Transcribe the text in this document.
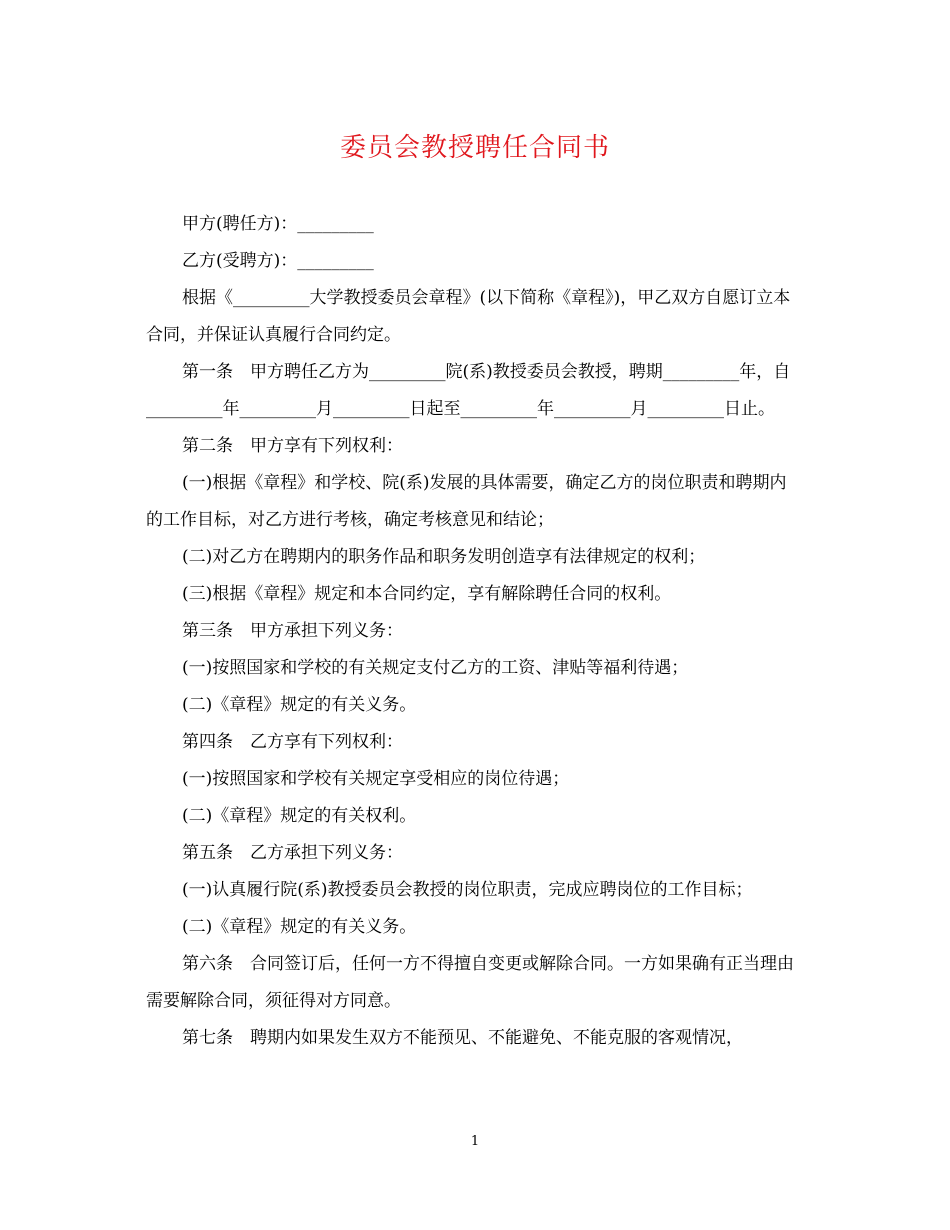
委员会教授聘任合同书

甲方(聘任方)：_________

乙方(受聘方)：_________

根据《_________大学教授委员会章程》(以下简称《章程》)，甲乙双方自愿订立本合同，并保证认真履行合同约定。

第一条　甲方聘任乙方为_________院(系)教授委员会教授，聘期_________年，自_________年_________月_________日起至_________年_________月_________日止。

第二条　甲方享有下列权利：

(一)根据《章程》和学校、院(系)发展的具体需要，确定乙方的岗位职责和聘期内的工作目标，对乙方进行考核，确定考核意见和结论；

(二)对乙方在聘期内的职务作品和职务发明创造享有法律规定的权利；

(三)根据《章程》规定和本合同约定，享有解除聘任合同的权利。

第三条　甲方承担下列义务：

(一)按照国家和学校的有关规定支付乙方的工资、津贴等福利待遇；

(二)《章程》规定的有关义务。

第四条　乙方享有下列权利：

(一)按照国家和学校有关规定享受相应的岗位待遇；

(二)《章程》规定的有关权利。

第五条　乙方承担下列义务：

(一)认真履行院(系)教授委员会教授的岗位职责，完成应聘岗位的工作目标；

(二)《章程》规定的有关义务。

第六条　合同签订后，任何一方不得擅自变更或解除合同。一方如果确有正当理由需要解除合同，须征得对方同意。

第七条　聘期内如果发生双方不能预见、不能避免、不能克服的客观情况，

1
